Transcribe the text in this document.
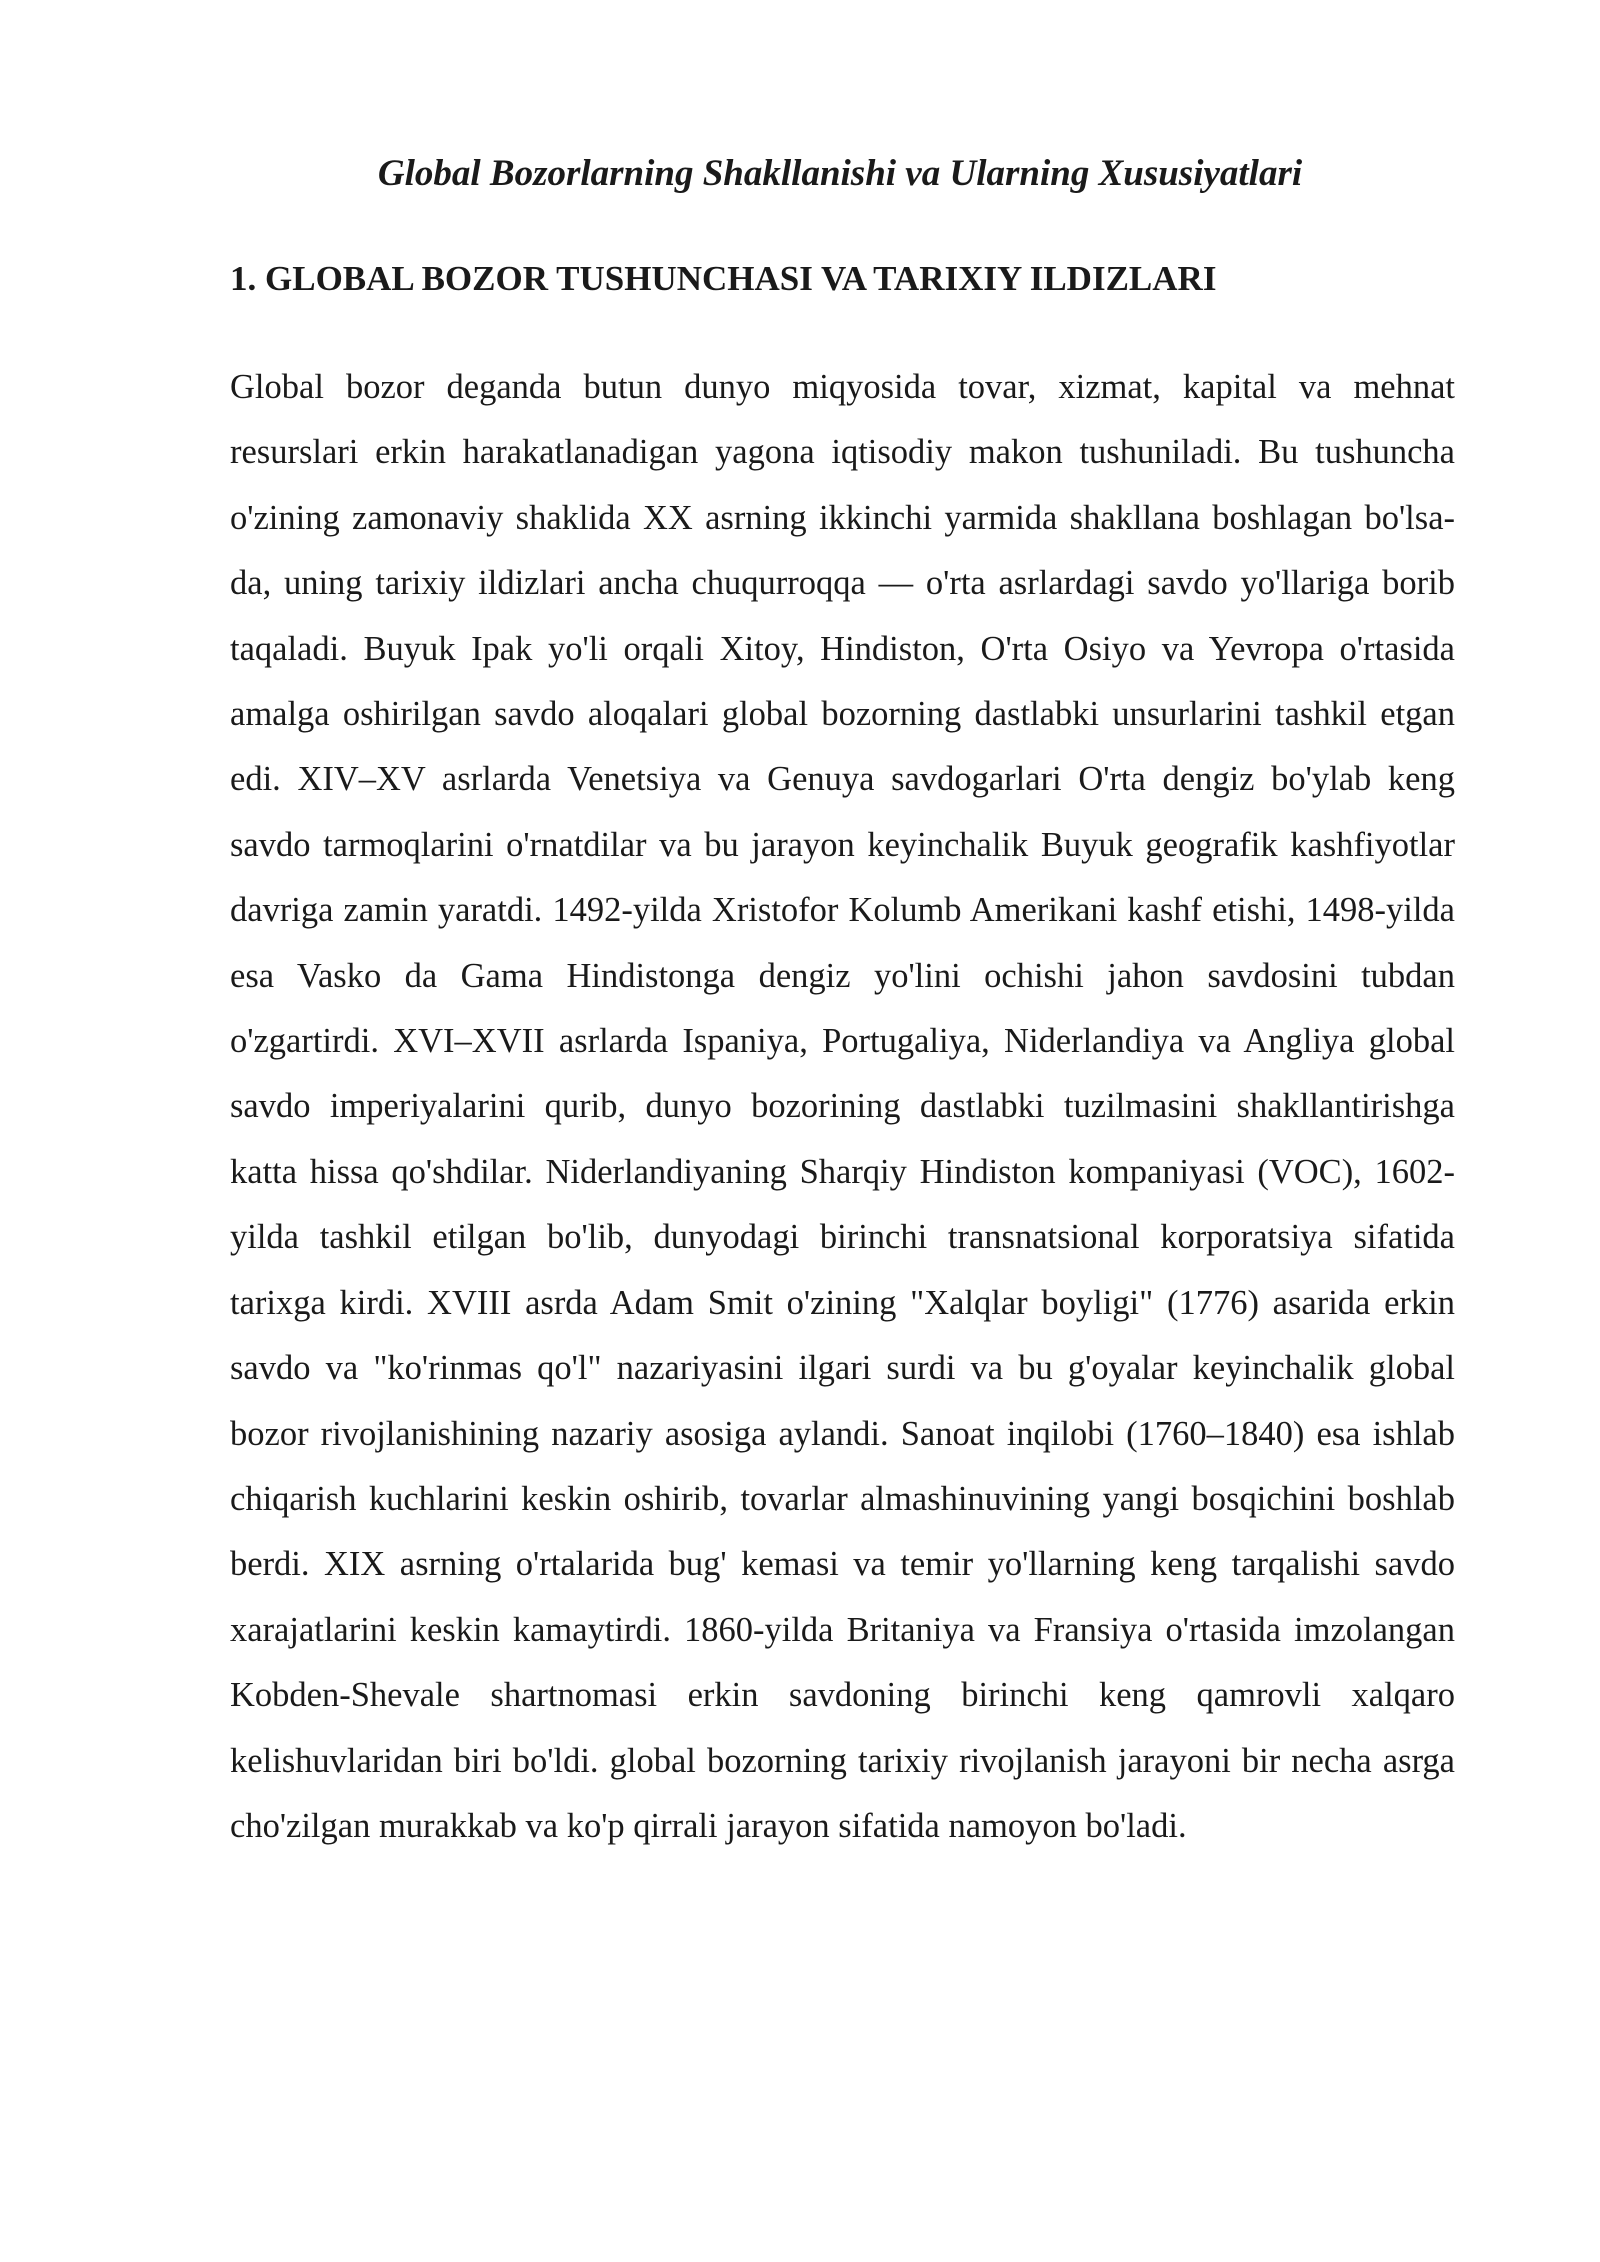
Global Bozorlarning Shakllanishi va Ularning Xususiyatlari
1. GLOBAL BOZOR TUSHUNCHASI VA TARIXIY ILDIZLARI

Global bozor deganda butun dunyo miqyosida tovar, xizmat, kapital va mehnat resurslari erkin harakatlanadigan yagona iqtisodiy makon tushuniladi. Bu tushuncha o'zining zamonaviy shaklida XX asrning ikkinchi yarmida shakllana boshlagan bo'lsa-da, uning tarixiy ildizlari ancha chuqurroqqa — o'rta asrlardagi savdo yo'llariga borib taqaladi. Buyuk Ipak yo'li orqali Xitoy, Hindiston, O'rta Osiyo va Yevropa o'rtasida amalga oshirilgan savdo aloqalari global bozorning dastlabki unsurlarini tashkil etgan edi. XIV–XV asrlarda Venetsiya va Genuya savdogarlari O'rta dengiz bo'ylab keng savdo tarmoqlarini o'rnatdilar va bu jarayon keyinchalik Buyuk geografik kashfiyotlar davriga zamin yaratdi. 1492-yilda Xristofor Kolumb Amerikani kashf etishi, 1498-yilda esa Vasko da Gama Hindistonga dengiz yo'lini ochishi jahon savdosini tubdan o'zgartirdi. XVI–XVII asrlarda Ispaniya, Portugaliya, Niderlandiya va Angliya global savdo imperiyalarini qurib, dunyo bozorining dastlabki tuzilmasini shakllantirishga katta hissa qo'shdilar. Niderlandiyaning Sharqiy Hindiston kompaniyasi (VOC), 1602-yilda tashkil etilgan bo'lib, dunyodagi birinchi transnatsional korporatsiya sifatida tarixga kirdi. XVIII asrda Adam Smit o'zining "Xalqlar boyligi" (1776) asarida erkin savdo va "ko'rinmas qo'l" nazariyasini ilgari surdi va bu g'oyalar keyinchalik global bozor rivojlanishining nazariy asosiga aylandi. Sanoat inqilobi (1760–1840) esa ishlab chiqarish kuchlarini keskin oshirib, tovarlar almashinuvining yangi bosqichini boshlab berdi. XIX asrning o'rtalarida bug' kemasi va temir yo'llarning keng tarqalishi savdo xarajatlarini keskin kamaytirdi. 1860-yilda Britaniya va Fransiya o'rtasida imzolangan Kobden-Shevale shartnomasi erkin savdoning birinchi keng qamrovli xalqaro kelishuvlaridan biri bo'ldi. global bozorning tarixiy rivojlanish jarayoni bir necha asrga cho'zilgan murakkab va ko'p qirrali jarayon sifatida namoyon bo'ladi.
